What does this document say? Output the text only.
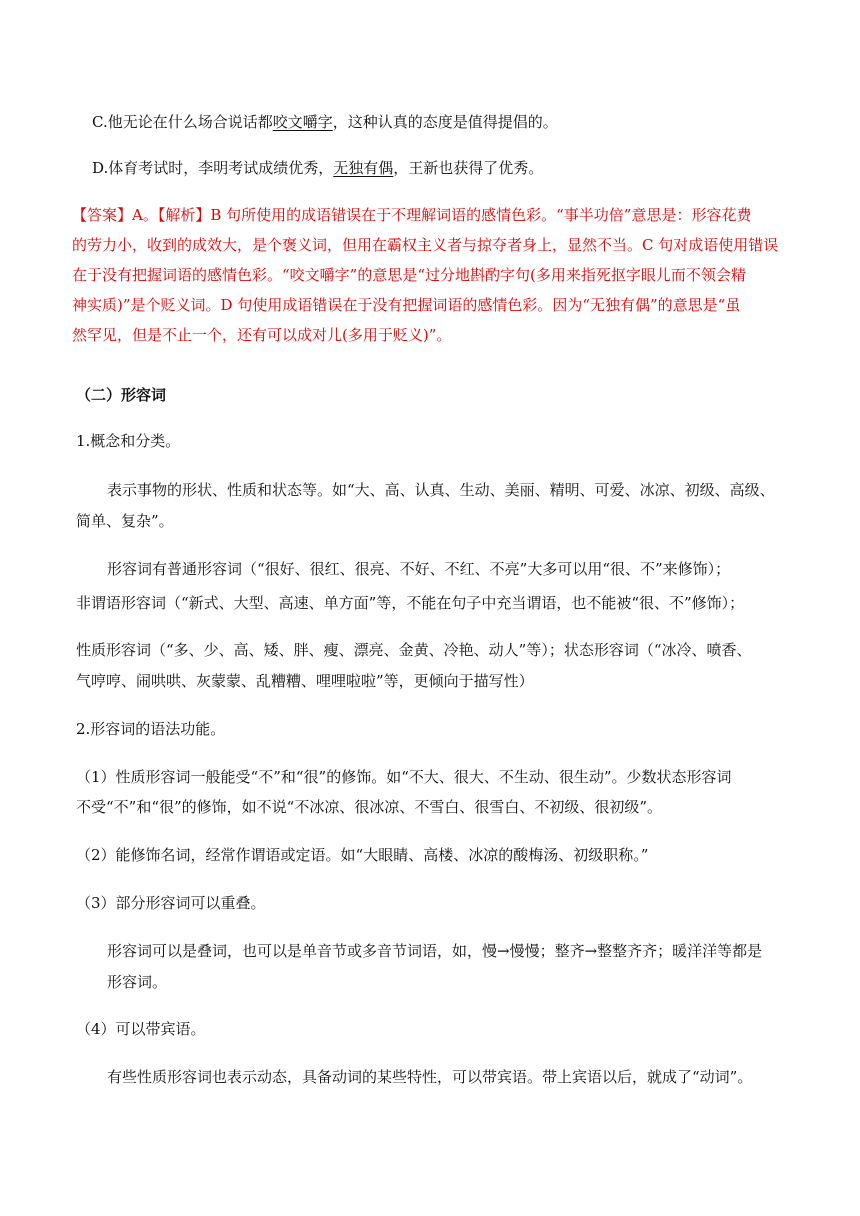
C.他无论在什么场合说话都咬文嚼字，这种认真的态度是值得提倡的。
D.体育考试时，李明考试成绩优秀，无独有偶，王新也获得了优秀。
【答案】A。【解析】B 句所使用的成语错误在于不理解词语的感情色彩。“事半功倍”意思是：形容花费
的劳力小，收到的成效大，是个褒义词，但用在霸权主义者与掠夺者身上，显然不当。C 句对成语使用错误
在于没有把握词语的感情色彩。“咬文嚼字”的意思是“过分地斟酌字句(多用来指死抠字眼儿而不领会精
神实质)”是个贬义词。D 句使用成语错误在于没有把握词语的感情色彩。因为“无独有偶”的意思是“虽
然罕见，但是不止一个，还有可以成对儿(多用于贬义)”。
（二）形容词
1.概念和分类。
表示事物的形状、性质和状态等。如“大、高、认真、生动、美丽、精明、可爱、冰凉、初级、高级、
简单、复杂”。
形容词有普通形容词（“很好、很红、很亮、不好、不红、不亮”大多可以用“很、不”来修饰）；
非谓语形容词（“新式、大型、高速、单方面”等，不能在句子中充当谓语，也不能被“很、不”修饰）；
性质形容词（“多、少、高、矮、胖、瘦、漂亮、金黄、冷艳、动人”等）；状态形容词（“冰冷、喷香、
气哼哼、闹哄哄、灰蒙蒙、乱糟糟、哩哩啦啦”等，更倾向于描写性）
2.形容词的语法功能。
（1）性质形容词一般能受“不”和“很”的修饰。如“不大、很大、不生动、很生动”。少数状态形容词
不受“不”和“很”的修饰，如不说“不冰凉、很冰凉、不雪白、很雪白、不初级、很初级”。
（2）能修饰名词，经常作谓语或定语。如“大眼睛、高楼、冰凉的酸梅汤、初级职称。”
（3）部分形容词可以重叠。
形容词可以是叠词，也可以是单音节或多音节词语，如，慢→慢慢；整齐→整整齐齐；暖洋洋等都是
形容词。
（4）可以带宾语。
有些性质形容词也表示动态，具备动词的某些特性，可以带宾语。带上宾语以后，就成了“动词”。
